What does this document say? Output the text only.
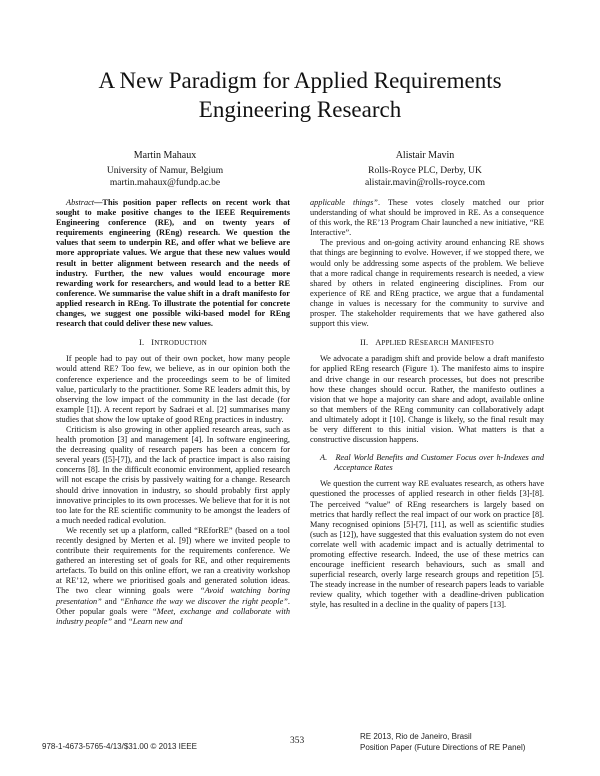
A New Paradigm for Applied Requirements Engineering Research
Martin Mahaux
University of Namur, Belgium
martin.mahaux@fundp.ac.be
Alistair Mavin
Rolls-Royce PLC, Derby, UK
alistair.mavin@rolls-royce.com

Abstract—This position paper reflects on recent work that sought to make positive changes to the IEEE Requirements Engineering conference (RE), and on twenty years of requirements engineering (REng) research. We question the values that seem to underpin RE, and offer what we believe are more appropriate values. We argue that these new values would result in better alignment between research and the needs of industry. Further, the new values would encourage more rewarding work for researchers, and would lead to a better RE conference. We summarise the value shift in a draft manifesto for applied research in REng. To illustrate the potential for concrete changes, we suggest one possible wiki-based model for REng research that could deliver these new values.

I. INTRODUCTION

If people had to pay out of their own pocket, how many people would attend RE? Too few, we believe, as in our opinion both the conference experience and the proceedings seem to be of limited value, particularly to the practitioner. Some RE leaders admit this, by observing the low impact of the community in the last decade (for example [1]). A recent report by Sadraei et al. [2] summarises many studies that show the low uptake of good REng practices in industry.

Criticism is also growing in other applied research areas, such as health promotion [3] and management [4]. In software engineering, the decreasing quality of research papers has been a concern for several years ([5]-[7]), and the lack of practice impact is also raising concerns [8]. In the difficult economic environment, applied research will not escape the crisis by passively waiting for a change. Research should drive innovation in industry, so should probably first apply innovative principles to its own processes. We believe that for it is not too late for the RE scientific community to be amongst the leaders of a much needed radical evolution.

We recently set up a platform, called “REforRE” (based on a tool recently designed by Merten et al. [9]) where we invited people to contribute their requirements for the requirements conference. We gathered an interesting set of goals for RE, and other requirements artefacts. To build on this online effort, we ran a creativity workshop at RE’12, where we prioritised goals and generated solution ideas. The two clear winning goals were “Avoid watching boring presentation” and “Enhance the way we discover the right people”. Other popular goals were “Meet, exchange and collaborate with industry people” and “Learn new and

applicable things”. These votes closely matched our prior understanding of what should be improved in RE. As a consequence of this work, the RE’13 Program Chair launched a new initiative, “RE Interactive”.

The previous and on-going activity around enhancing RE shows that things are beginning to evolve. However, if we stopped there, we would only be addressing some aspects of the problem. We believe that a more radical change in requirements research is needed, a view shared by others in related engineering disciplines. From our experience of RE and REng practice, we argue that a fundamental change in values is necessary for the community to survive and prosper. The stakeholder requirements that we have gathered also support this view.

II. APPLIED RESEARCH MANIFESTO

We advocate a paradigm shift and provide below a draft manifesto for applied REng research (Figure 1). The manifesto aims to inspire and drive change in our research processes, but does not prescribe how these changes should occur. Rather, the manifesto outlines a vision that we hope a majority can share and adopt, available online so that members of the REng community can collaboratively adapt and ultimately adopt it [10]. Change is likely, so the final result may be very different to this initial vision. What matters is that a constructive discussion happens.

A. Real World Benefits and Customer Focus over h-Indexes and Acceptance Rates

We question the current way RE evaluates research, as others have questioned the processes of applied research in other fields [3]-[8]. The perceived “value” of REng researchers is largely based on metrics that hardly reflect the real impact of our work on practice [8]. Many recognised opinions [5]-[7], [11], as well as scientific studies (such as [12]), have suggested that this evaluation system do not even correlate well with academic impact and is actually detrimental to promoting effective research. Indeed, the use of these metrics can encourage inefficient research behaviours, such as small and superficial research, overly large research groups and repetition [5]. The steady increase in the number of research papers leads to variable review quality, which together with a deadline-driven publication style, has resulted in a decline in the quality of papers [13].

978-1-4673-5765-4/13/$31.00 © 2013 IEEE
353	RE 2013, Rio de Janeiro, Brasil
Position Paper (Future Directions of RE Panel)
